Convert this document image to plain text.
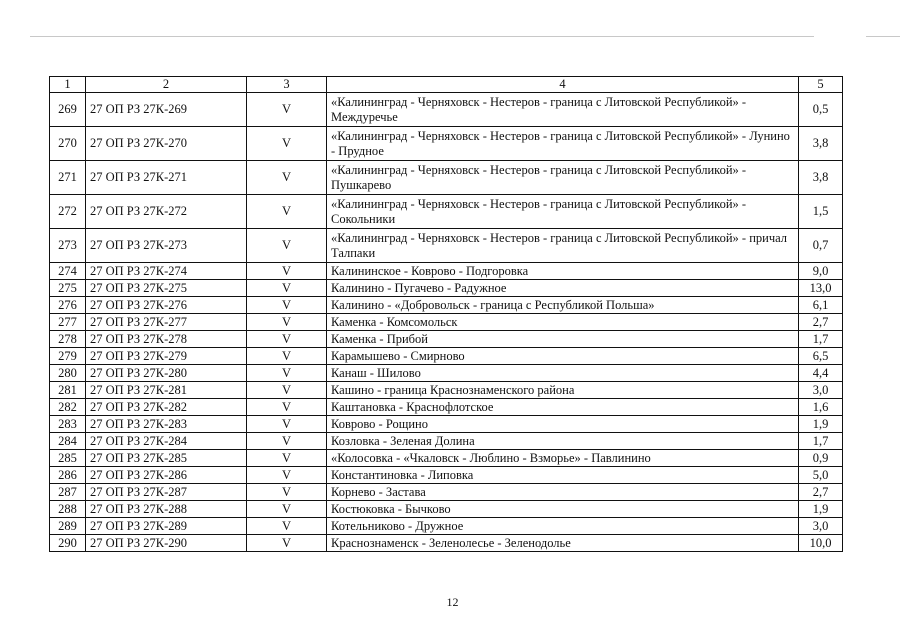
1	2	3	4	5
269	27 ОП РЗ 27К-269	V	«Калининград - Черняховск - Нестеров - граница с Литовской Республикой» - Междуречье	0,5
270	27 ОП РЗ 27К-270	V	«Калининград - Черняховск - Нестеров - граница с Литовской Республикой» - Лунино - Прудное	3,8
271	27 ОП РЗ 27К-271	V	«Калининград - Черняховск - Нестеров - граница с Литовской Республикой» - Пушкарево	3,8
272	27 ОП РЗ 27К-272	V	«Калининград - Черняховск - Нестеров - граница с Литовской Республикой» - Сокольники	1,5
273	27 ОП РЗ 27К-273	V	«Калининград - Черняховск - Нестеров - граница с Литовской Республикой» - причал Талпаки	0,7
274	27 ОП РЗ 27К-274	V	Калининское - Коврово - Подгоровка	9,0
275	27 ОП РЗ 27К-275	V	Калинино - Пугачево - Радужное	13,0
276	27 ОП РЗ 27К-276	V	Калинино - «Добровольск - граница с Республикой Польша»	6,1
277	27 ОП РЗ 27К-277	V	Каменка - Комсомольск	2,7
278	27 ОП РЗ 27К-278	V	Каменка - Прибой	1,7
279	27 ОП РЗ 27К-279	V	Карамышево - Смирново	6,5
280	27 ОП РЗ 27К-280	V	Канаш - Шилово	4,4
281	27 ОП РЗ 27К-281	V	Кашино - граница Краснознаменского района	3,0
282	27 ОП РЗ 27К-282	V	Каштановка - Краснофлотское	1,6
283	27 ОП РЗ 27К-283	V	Коврово - Рощино	1,9
284	27 ОП РЗ 27К-284	V	Козловка - Зеленая Долина	1,7
285	27 ОП РЗ 27К-285	V	«Колосовка - «Чкаловск - Люблино - Взморье» - Павлинино	0,9
286	27 ОП РЗ 27К-286	V	Константиновка - Липовка	5,0
287	27 ОП РЗ 27К-287	V	Корнево - Застава	2,7
288	27 ОП РЗ 27К-288	V	Костюковка - Бычково	1,9
289	27 ОП РЗ 27К-289	V	Котельниково - Дружное	3,0
290	27 ОП РЗ 27К-290	V	Краснознаменск - Зеленолесье - Зеленодолье	10,0
12
